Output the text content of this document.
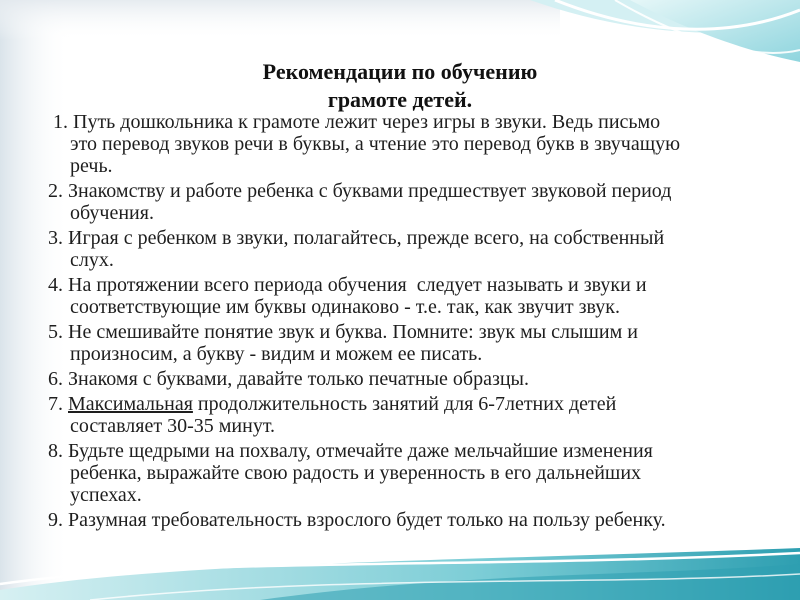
Рекомендации по обучению
грамоте детей.
1. Путь дошкольника к грамоте лежит через игры в звуки. Ведь письмо
это перевод звуков речи в буквы, а чтение это перевод букв в звучащую
речь.
2. Знакомству и работе ребенка с буквами предшествует звуковой период
обучения.
3. Играя с ребенком в звуки, полагайтесь, прежде всего, на собственный
слух.
4. На протяжении всего периода обучения  следует называть и звуки и
соответствующие им буквы одинаково - т.е. так, как звучит звук.
5. Не смешивайте понятие звук и буква. Помните: звук мы слышим и
произносим, а букву - видим и можем ее писать.
6. Знакомя с буквами, давайте только печатные образцы.
7. Максимальная продолжительность занятий для 6-7летних детей
составляет 30-35 минут.
8. Будьте щедрыми на похвалу, отмечайте даже мельчайшие изменения
ребенка, выражайте свою радость и уверенность в его дальнейших
успехах.
9. Разумная требовательность взрослого будет только на пользу ребенку.
